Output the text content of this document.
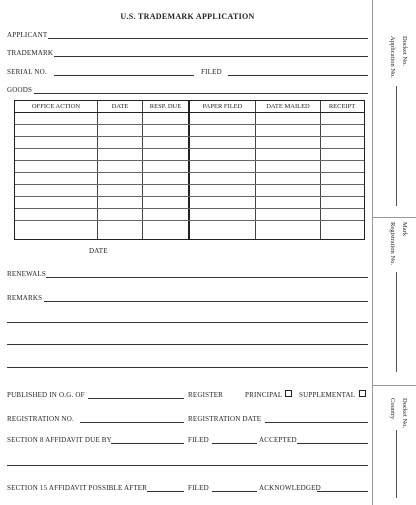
U.S. TRADEMARK APPLICATION
APPLICANT
TRADEMARK
SERIAL NO.	FILED
GOODS
OFFICE ACTION	DATE	RESP. DUE	PAPER FILED	DATE MAILED	RECEIPT
DATE
RENEWALS
REMARKS
PUBLISHED IN O.G. OF	REGISTER	PRINCIPAL SUPPLEMENTAL
REGISTRATION NO.	REGISTRATION DATE
SECTION 8 AFFIDAVIT DUE BY	FILED	ACCEPTED
SECTION 15 AFFIDAVIT POSSIBLE AFTER	FILED	ACKNOWLEDGED
Docket No.
Application No.
Mark
Registration No.
Docket No.
Country
